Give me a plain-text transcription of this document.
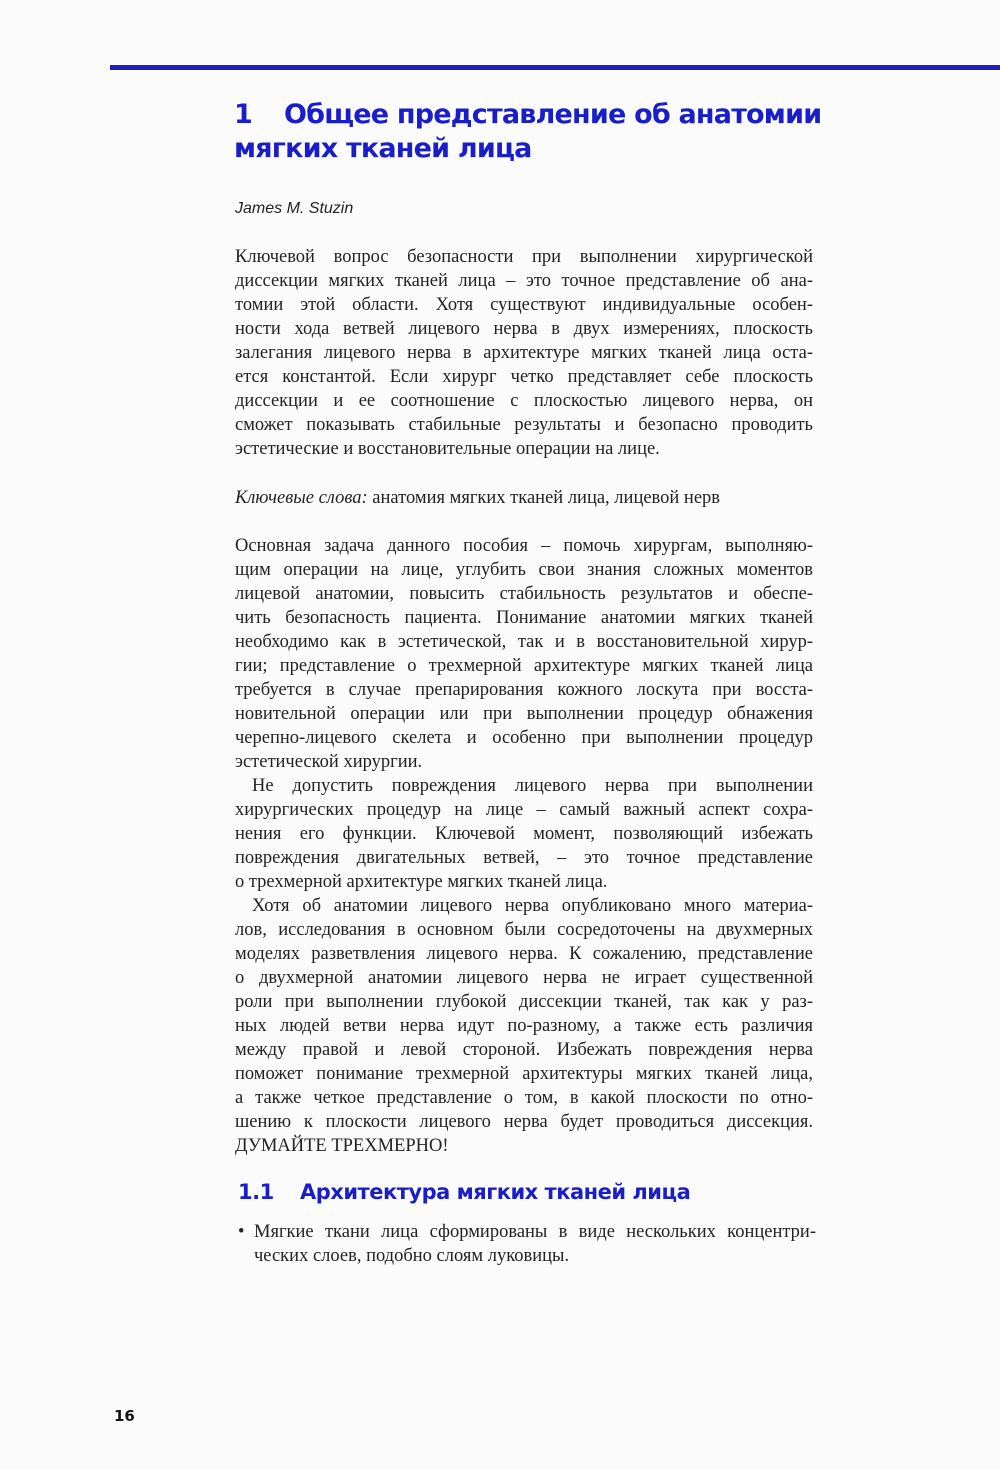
1 Общее представление об анатомии
мягких тканей лица
James M. Stuzin
Ключевой вопрос безопасности при выполнении хирургической
диссекции мягких тканей лица – это точное представление об ана-
томии этой области. Хотя существуют индивидуальные особен-
ности хода ветвей лицевого нерва в двух измерениях, плоскость
залегания лицевого нерва в архитектуре мягких тканей лица оста-
ется константой. Если хирург четко представляет себе плоскость
диссекции и ее соотношение с плоскостью лицевого нерва, он
сможет показывать стабильные результаты и безопасно проводить
эстетические и восстановительные операции на лице.
Ключевые слова: анатомия мягких тканей лица, лицевой нерв
Основная задача данного пособия – помочь хирургам, выполняю-
щим операции на лице, углубить свои знания сложных моментов
лицевой анатомии, повысить стабильность результатов и обеспе-
чить безопасность пациента. Понимание анатомии мягких тканей
необходимо как в эстетической, так и в восстановительной хирур-
гии; представление о трехмерной архитектуре мягких тканей лица
требуется в случае препарирования кожного лоскута при восста-
новительной операции или при выполнении процедур обнажения
черепно-лицевого скелета и особенно при выполнении процедур
эстетической хирургии.
Не допустить повреждения лицевого нерва при выполнении
хирургических процедур на лице – самый важный аспект сохра-
нения его функции. Ключевой момент, позволяющий избежать
повреждения двигательных ветвей, – это точное представление
о трехмерной архитектуре мягких тканей лица.
Хотя об анатомии лицевого нерва опубликовано много материа-
лов, исследования в основном были сосредоточены на двухмерных
моделях разветвления лицевого нерва. К сожалению, представление
о двухмерной анатомии лицевого нерва не играет существенной
роли при выполнении глубокой диссекции тканей, так как у раз-
ных людей ветви нерва идут по-разному, а также есть различия
между правой и левой стороной. Избежать повреждения нерва
поможет понимание трехмерной архитектуры мягких тканей лица,
а также четкое представление о том, в какой плоскости по отно-
шению к плоскости лицевого нерва будет проводиться диссекция.
ДУМАЙТЕ ТРЕХМЕРНО!
1.1 Архитектура мягких тканей лица
• Мягкие ткани лица сформированы в виде нескольких концентри-
ческих слоев, подобно слоям луковицы.
16
